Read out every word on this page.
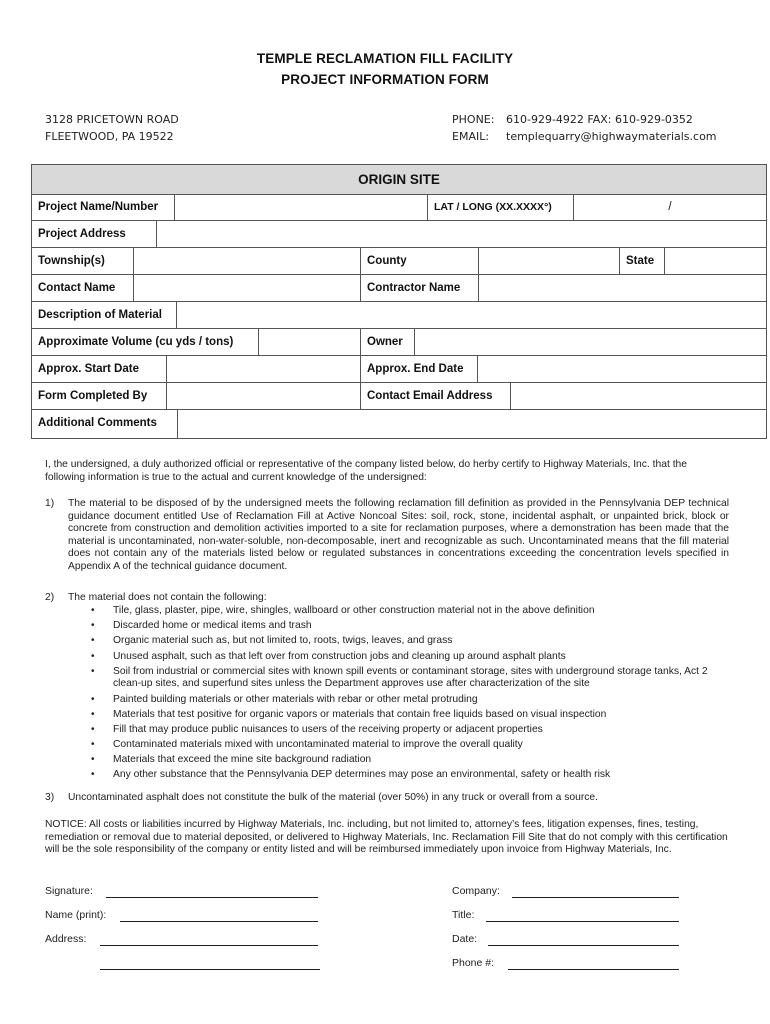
TEMPLE RECLAMATION FILL FACILITY
PROJECT INFORMATION FORM
3128 PRICETOWN ROAD
FLEETWOOD, PA 19522
PHONE: 610-929-4922 FAX: 610-929-0352
EMAIL: templequarry@highwaymaterials.com
ORIGIN SITE
Project Name/Number	LAT / LONG (XX.XXXX°)	/
Project Address
Township(s)	County	State
Contact Name	Contractor Name
Description of Material
Approximate Volume (cu yds / tons)	Owner
Approx. Start Date	Approx. End Date
Form Completed By	Contact Email Address
Additional Comments
I, the undersigned, a duly authorized official or representative of the company listed below, do herby certify to Highway Materials, Inc. that the following information is true to the actual and current knowledge of the undersigned:
1) The material to be disposed of by the undersigned meets the following reclamation fill definition as provided in the Pennsylvania DEP technical guidance document entitled Use of Reclamation Fill at Active Noncoal Sites: soil, rock, stone, incidental asphalt, or unpainted brick, block or concrete from construction and demolition activities imported to a site for reclamation purposes, where a demonstration has been made that the material is uncontaminated, non-water-soluble, non-decomposable, inert and recognizable as such. Uncontaminated means that the fill material does not contain any of the materials listed below or regulated substances in concentrations exceeding the concentration levels specified in Appendix A of the technical guidance document.
2) The material does not contain the following:
• Tile, glass, plaster, pipe, wire, shingles, wallboard or other construction material not in the above definition
• Discarded home or medical items and trash
• Organic material such as, but not limited to, roots, twigs, leaves, and grass
• Unused asphalt, such as that left over from construction jobs and cleaning up around asphalt plants
• Soil from industrial or commercial sites with known spill events or contaminant storage, sites with underground storage tanks, Act 2 clean-up sites, and superfund sites unless the Department approves use after characterization of the site
• Painted building materials or other materials with rebar or other metal protruding
• Materials that test positive for organic vapors or materials that contain free liquids based on visual inspection
• Fill that may produce public nuisances to users of the receiving property or adjacent properties
• Contaminated materials mixed with uncontaminated material to improve the overall quality
• Materials that exceed the mine site background radiation
• Any other substance that the Pennsylvania DEP determines may pose an environmental, safety or health risk
3) Uncontaminated asphalt does not constitute the bulk of the material (over 50%) in any truck or overall from a source.
NOTICE: All costs or liabilities incurred by Highway Materials, Inc. including, but not limited to, attorney’s fees, litigation expenses, fines, testing, remediation or removal due to material deposited, or delivered to Highway Materials, Inc. Reclamation Fill Site that do not comply with this certification will be the sole responsibility of the company or entity listed and will be reimbursed immediately upon invoice from Highway Materials, Inc.
Signature:
Name (print):
Address:
Company:
Title:
Date:
Phone #:
